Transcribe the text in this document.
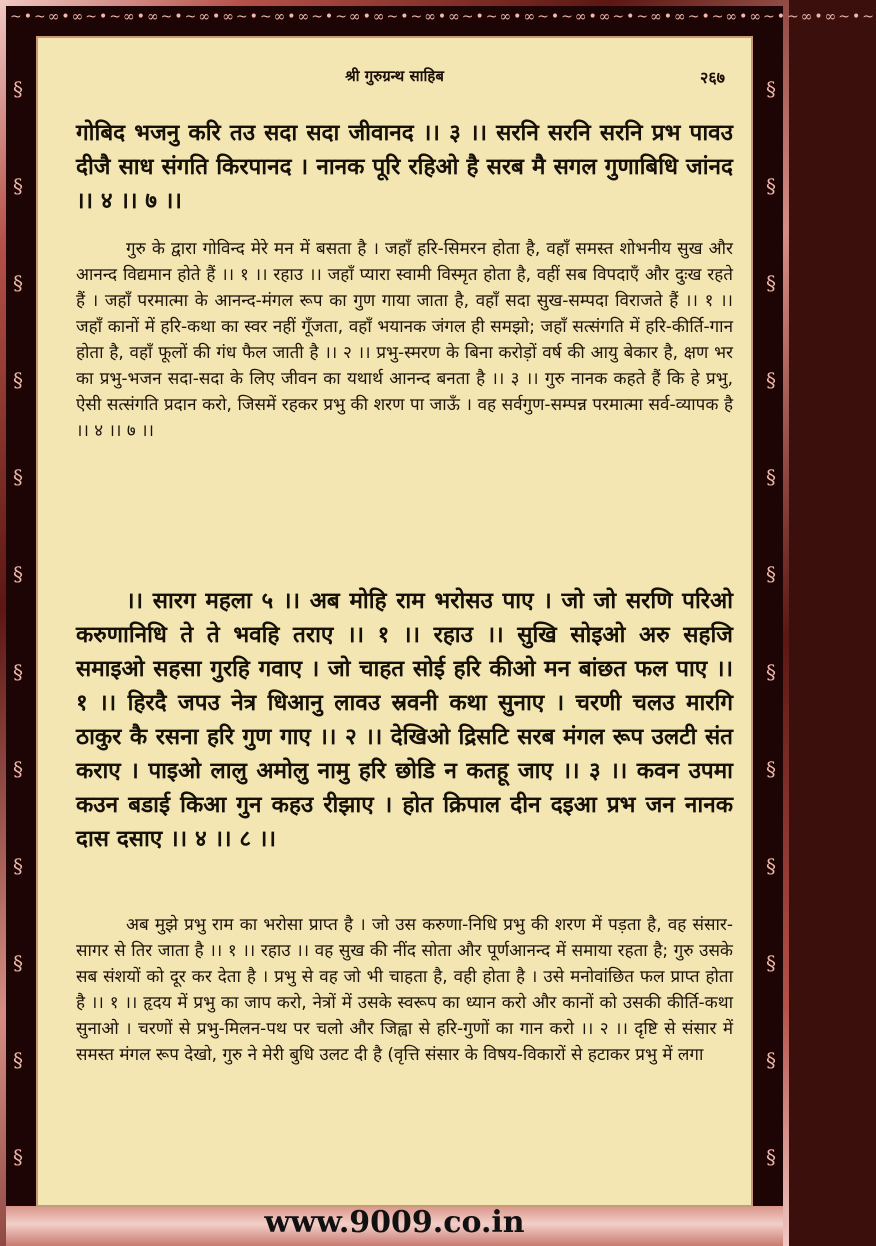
~•~∞•∞~•~∞•∞~•~∞•∞~•~∞•∞~•~∞•∞~•~∞•∞~•~∞•∞~•~∞•∞~•~∞•∞~•~∞•∞~•~∞•∞~•~
§
§
§
§
§
§
§
§
§
§
§
§
§
§
§
§
§
§
§
§
§
§
§
§
श्री गुरुग्रन्थ साहिब	२६७
गोबिद भजनु करि तउ सदा सदा जीवानद ।। ३ ।। सरनि सरनि सरनि प्रभ पावउ दीजै साध संगति किरपानद । नानक पूरि रहिओ है सरब मै सगल गुणाबिधि जांनद ।। ४ ।। ७ ।।
गुरु के द्वारा गोविन्द मेरे मन में बसता है । जहाँ हरि-सिमरन होता है, वहाँ समस्त शोभनीय सुख और आनन्द विद्यमान होते हैं ।। १ ।। रहाउ ।। जहाँ प्यारा स्वामी विस्मृत होता है, वहीं सब विपदाएँ और दुःख रहते हैं । जहाँ परमात्मा के आनन्द-मंगल रूप का गुण गाया जाता है, वहाँ सदा सुख-सम्पदा विराजते हैं ।। १ ।। जहाँ कानों में हरि-कथा का स्वर नहीं गूँजता, वहाँ भयानक जंगल ही समझो; जहाँ सत्संगति में हरि-कीर्ति-गान होता है, वहाँ फूलों की गंध फैल जाती है ।। २ ।। प्रभु-स्मरण के बिना करोड़ों वर्ष की आयु बेकार है, क्षण भर का प्रभु-भजन सदा-सदा के लिए जीवन का यथार्थ आनन्द बनता है ।। ३ ।। गुरु नानक कहते हैं कि हे प्रभु, ऐसी सत्संगति प्रदान करो, जिसमें रहकर प्रभु की शरण पा जाऊँ । वह सर्वगुण-सम्पन्न परमात्मा सर्व-व्यापक है ।। ४ ।। ७ ।।
।। सारग महला ५ ।। अब मोहि राम भरोसउ पाए । जो जो सरणि परिओ करुणानिधि ते ते भवहि तराए ।। १ ।। रहाउ ।। सुखि सोइओ अरु सहजि समाइओ सहसा गुरहि गवाए । जो चाहत सोई हरि कीओ मन बांछत फल पाए ।। १ ।। हिरदै जपउ नेत्र धिआनु लावउ स्रवनी कथा सुनाए । चरणी चलउ मारगि ठाकुर कै रसना हरि गुण गाए ।। २ ।। देखिओ द्रिसटि सरब मंगल रूप उलटी संत कराए । पाइओ लालु अमोलु नामु हरि छोडि न कतहू जाए ।। ३ ।। कवन उपमा कउन बडाई किआ गुन कहउ रीझाए । होत क्रिपाल दीन दइआ प्रभ जन नानक दास दसाए ।। ४ ।। ८ ।।
अब मुझे प्रभु राम का भरोसा प्राप्त है । जो उस करुणा-निधि प्रभु की शरण में पड़ता है, वह संसार-सागर से तिर जाता है ।। १ ।। रहाउ ।। वह सुख की नींद सोता और पूर्णआनन्द में समाया रहता है; गुरु उसके सब संशयों को दूर कर देता है । प्रभु से वह जो भी चाहता है, वही होता है । उसे मनोवांछित फल प्राप्त होता है ।। १ ।। हृदय में प्रभु का जाप करो, नेत्रों में उसके स्वरूप का ध्यान करो और कानों को उसकी कीर्ति-कथा सुनाओ । चरणों से प्रभु-मिलन-पथ पर चलो और जिह्वा से हरि-गुणों का गान करो ।। २ ।। दृष्टि से संसार में समस्त मंगल रूप देखो, गुरु ने मेरी बुधि उलट दी है (वृत्ति संसार के विषय-विकारों से हटाकर प्रभु में लगा
www.9009.co.in
